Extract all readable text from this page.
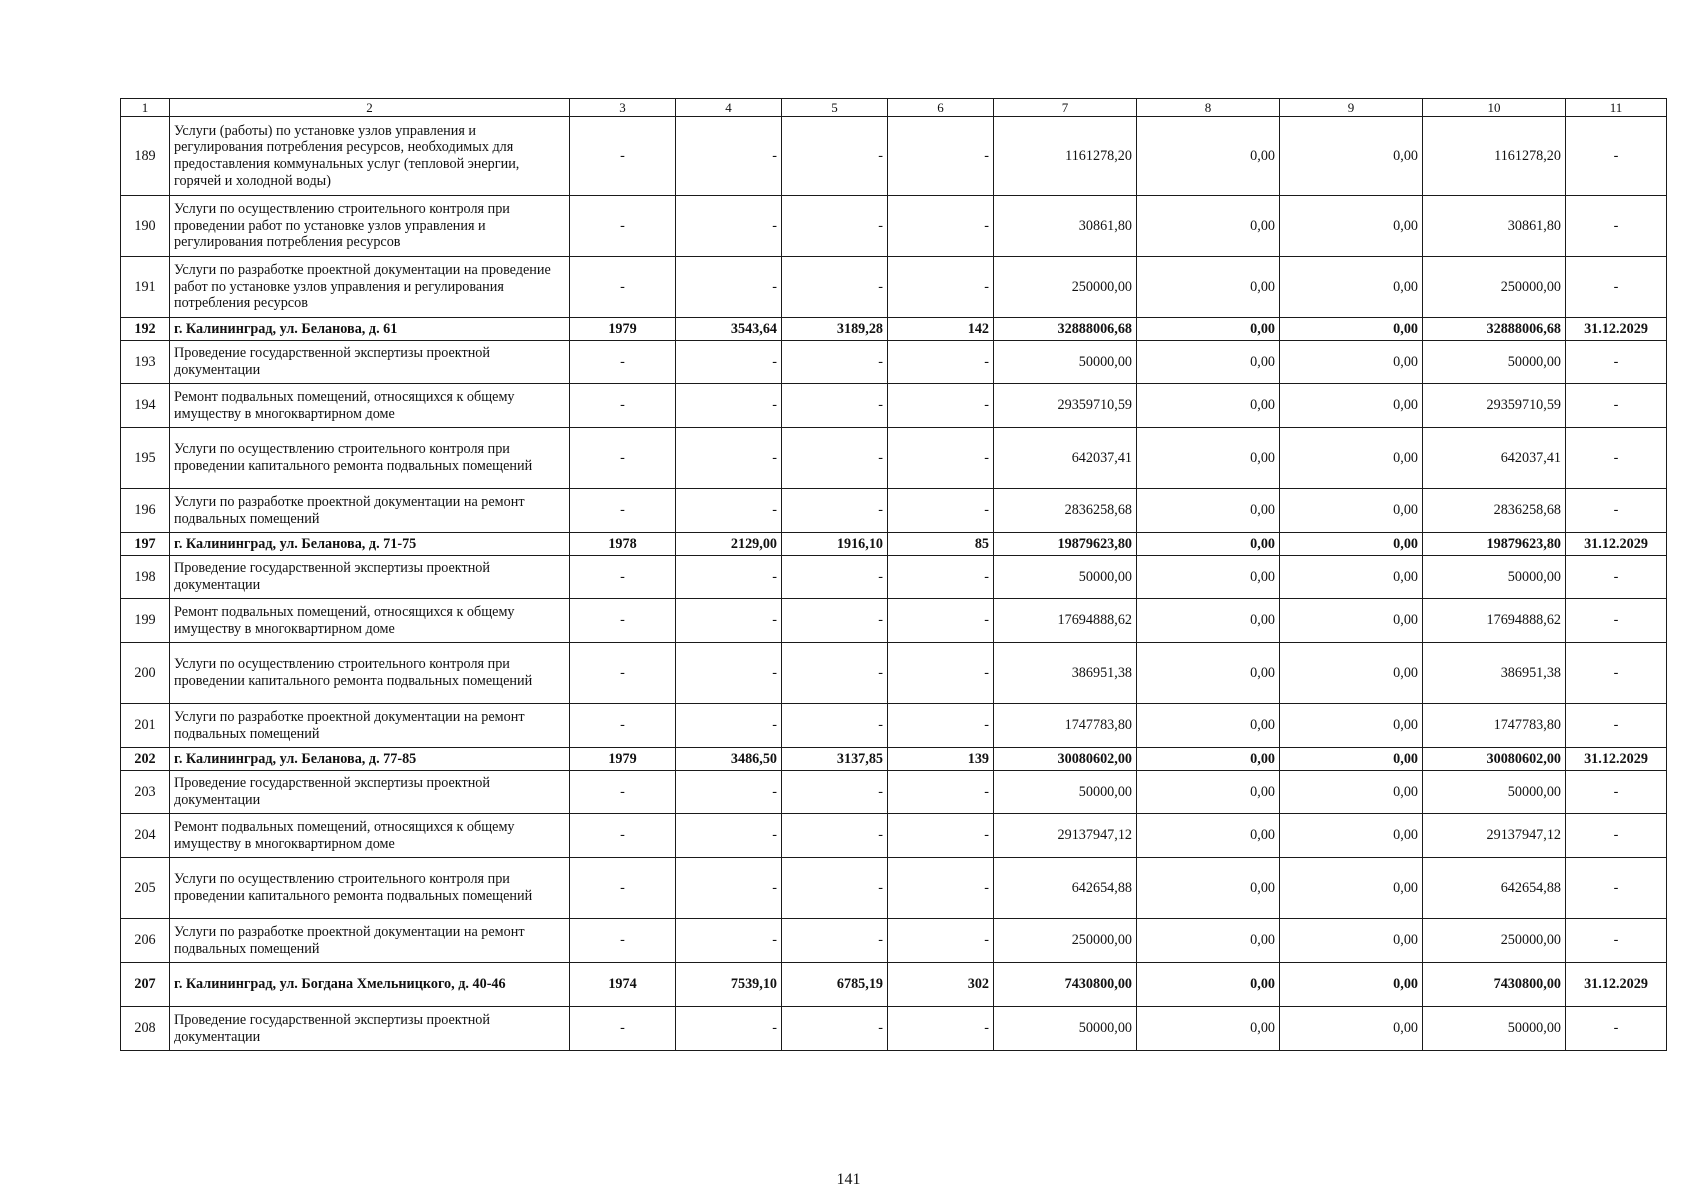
1	2	3	4	5	6	7	8	9	10	11
189	Услуги (работы) по установке узлов управления и регулирования потребления ресурсов, необходимых для предоставления коммунальных услуг (тепловой энергии, горячей и холодной воды)	-	-	-	-	1161278,20	0,00	0,00	1161278,20	-
190	Услуги по осуществлению строительного контроля при проведении работ по установке узлов управления и регулирования потребления ресурсов	-	-	-	-	30861,80	0,00	0,00	30861,80	-
191	Услуги по разработке проектной документации на проведение работ по установке узлов управления и регулирования потребления ресурсов	-	-	-	-	250000,00	0,00	0,00	250000,00	-
192	г. Калининград, ул. Беланова, д. 61	1979	3543,64	3189,28	142	32888006,68	0,00	0,00	32888006,68	31.12.2029
193	Проведение государственной экспертизы проектной документации	-	-	-	-	50000,00	0,00	0,00	50000,00	-
194	Ремонт подвальных помещений, относящихся к общему имуществу в многоквартирном доме	-	-	-	-	29359710,59	0,00	0,00	29359710,59	-
195	Услуги по осуществлению строительного контроля при проведении капитального ремонта подвальных помещений	-	-	-	-	642037,41	0,00	0,00	642037,41	-
196	Услуги по разработке проектной документации на ремонт подвальных помещений	-	-	-	-	2836258,68	0,00	0,00	2836258,68	-
197	г. Калининград, ул. Беланова, д. 71-75	1978	2129,00	1916,10	85	19879623,80	0,00	0,00	19879623,80	31.12.2029
198	Проведение государственной экспертизы проектной документации	-	-	-	-	50000,00	0,00	0,00	50000,00	-
199	Ремонт подвальных помещений, относящихся к общему имуществу в многоквартирном доме	-	-	-	-	17694888,62	0,00	0,00	17694888,62	-
200	Услуги по осуществлению строительного контроля при проведении капитального ремонта подвальных помещений	-	-	-	-	386951,38	0,00	0,00	386951,38	-
201	Услуги по разработке проектной документации на ремонт подвальных помещений	-	-	-	-	1747783,80	0,00	0,00	1747783,80	-
202	г. Калининград, ул. Беланова, д. 77-85	1979	3486,50	3137,85	139	30080602,00	0,00	0,00	30080602,00	31.12.2029
203	Проведение государственной экспертизы проектной документации	-	-	-	-	50000,00	0,00	0,00	50000,00	-
204	Ремонт подвальных помещений, относящихся к общему имуществу в многоквартирном доме	-	-	-	-	29137947,12	0,00	0,00	29137947,12	-
205	Услуги по осуществлению строительного контроля при проведении капитального ремонта подвальных помещений	-	-	-	-	642654,88	0,00	0,00	642654,88	-
206	Услуги по разработке проектной документации на ремонт подвальных помещений	-	-	-	-	250000,00	0,00	0,00	250000,00	-
207	г. Калининград, ул. Богдана Хмельницкого, д. 40-46	1974	7539,10	6785,19	302	7430800,00	0,00	0,00	7430800,00	31.12.2029
208	Проведение государственной экспертизы проектной документации	-	-	-	-	50000,00	0,00	0,00	50000,00	-
141
